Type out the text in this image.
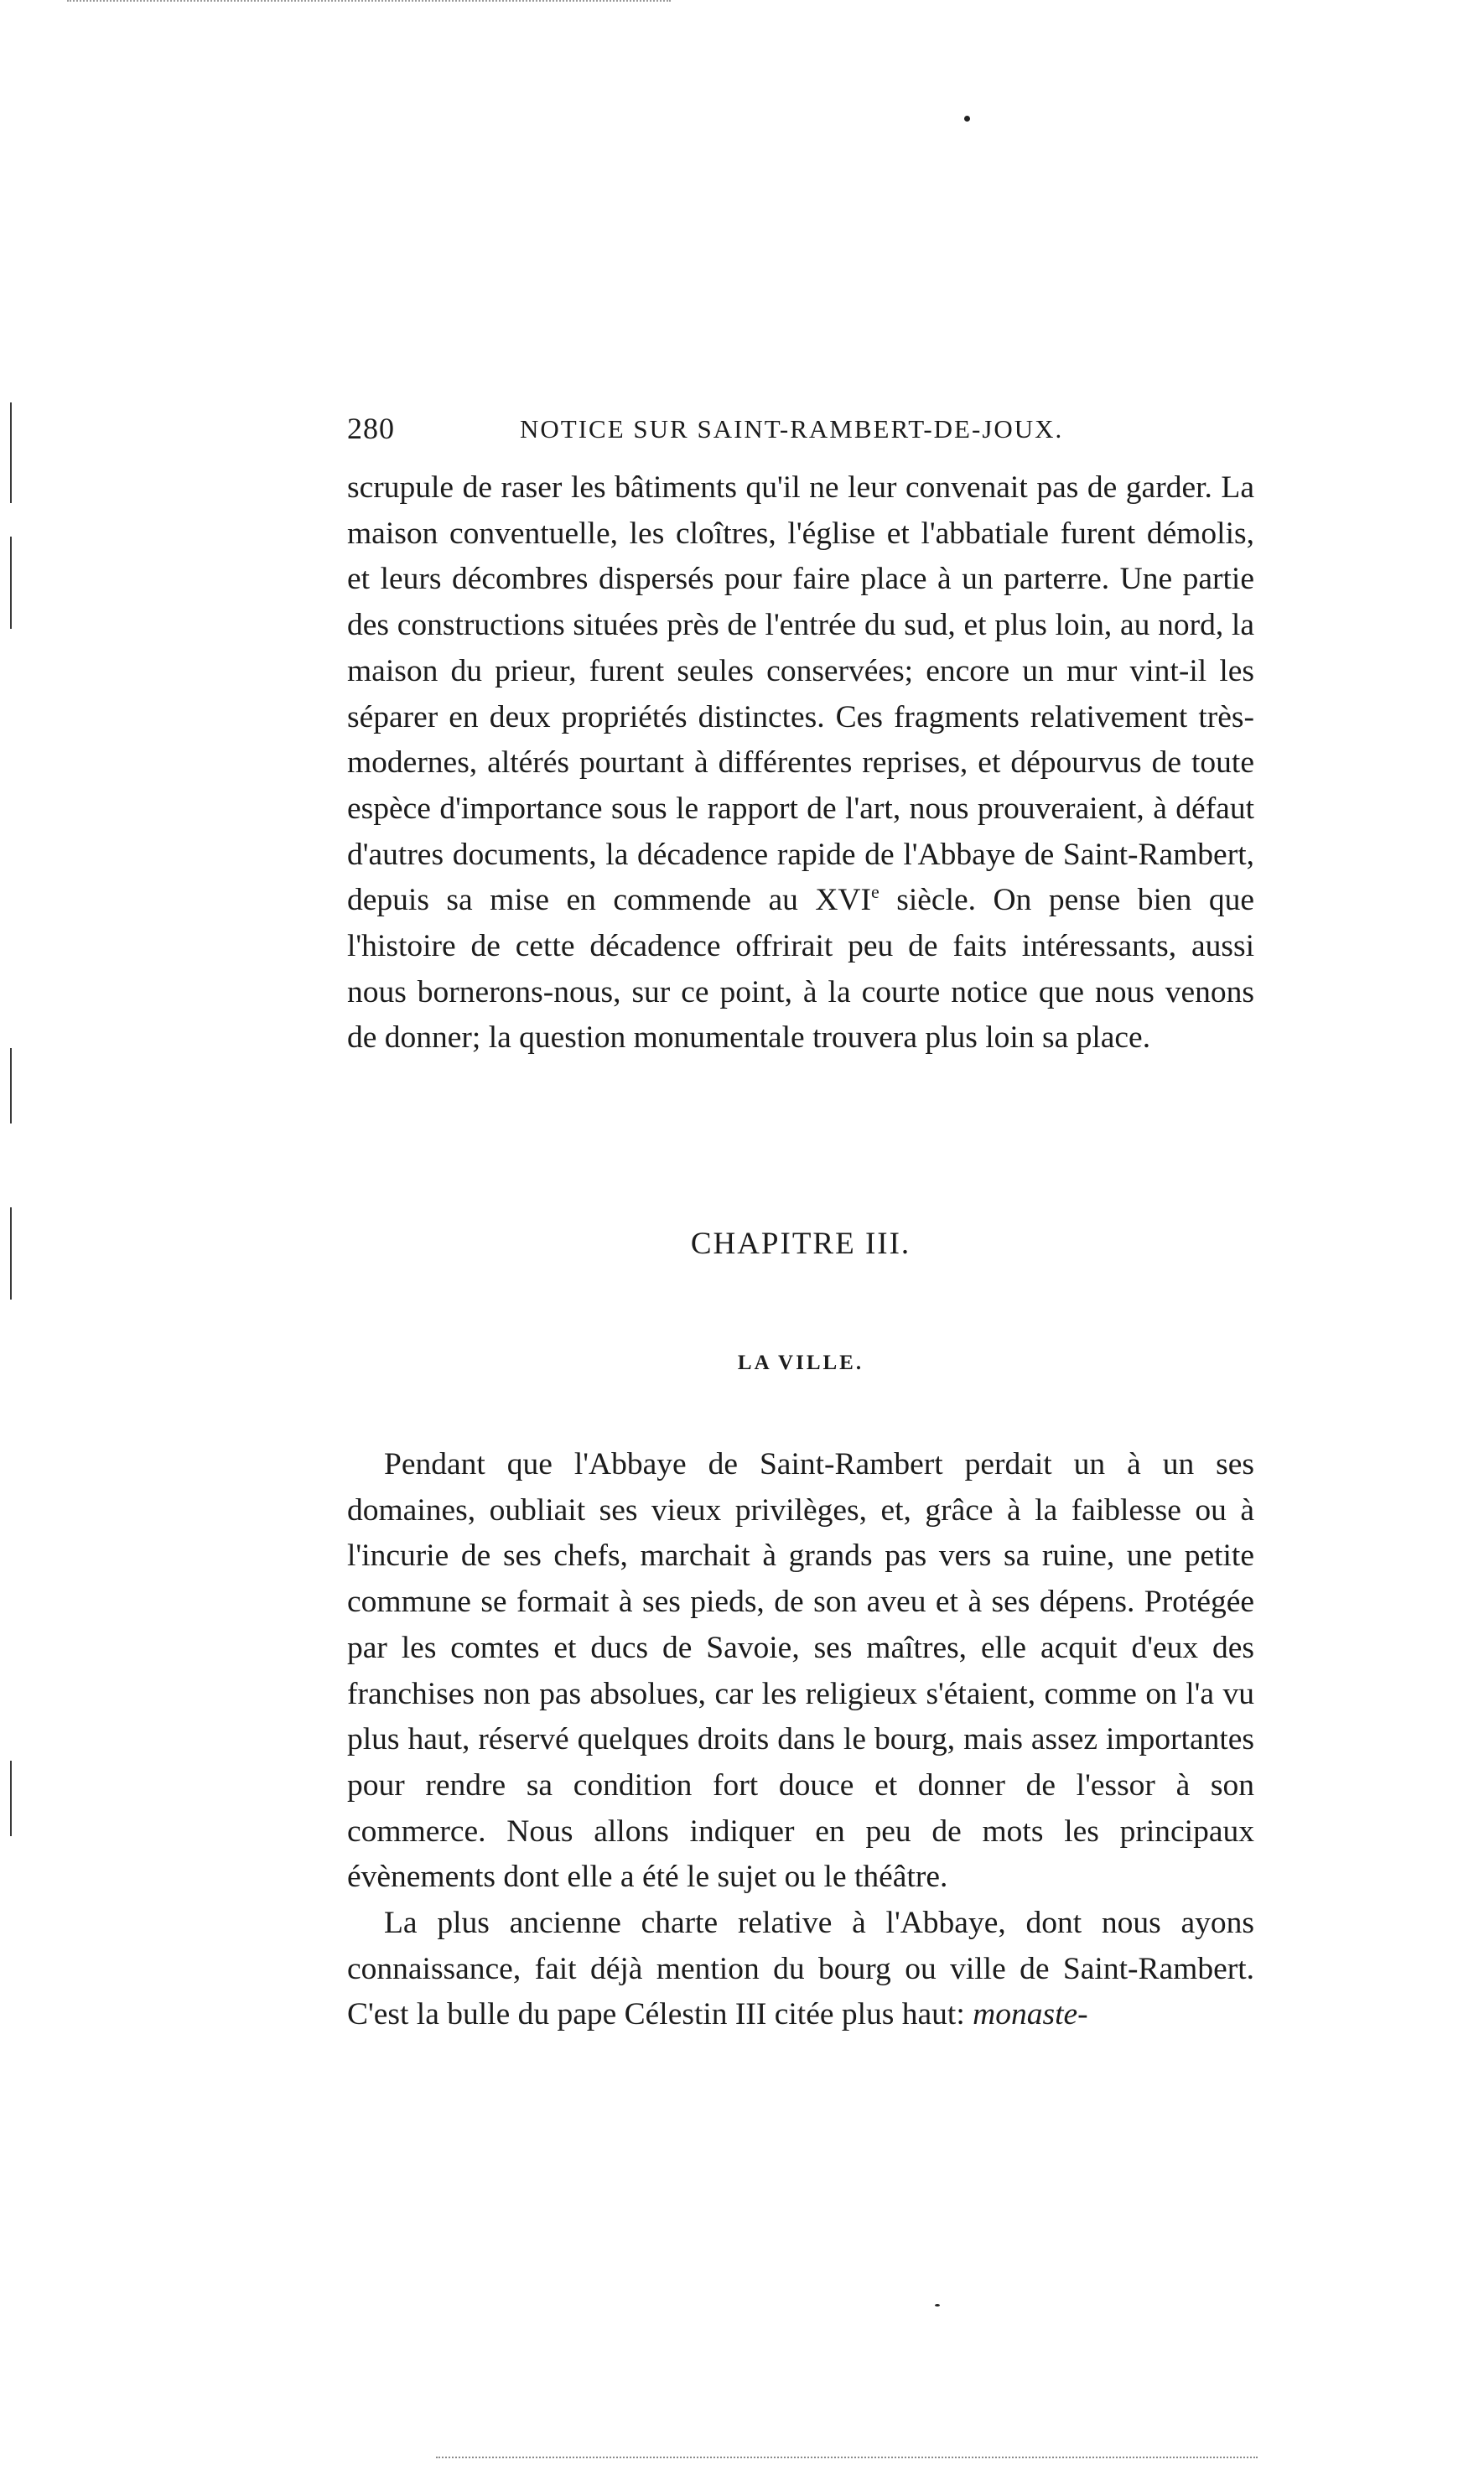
280	NOTICE SUR SAINT-RAMBERT-DE-JOUX.

scrupule de raser les bâtiments qu'il ne leur convenait pas de garder. La maison conventuelle, les cloîtres, l'église et l'abbatiale furent démolis, et leurs décombres dispersés pour faire place à un parterre. Une partie des constructions situées près de l'entrée du sud, et plus loin, au nord, la maison du prieur, furent seules conservées; encore un mur vint-il les séparer en deux propriétés distinctes. Ces fragments relativement très-modernes, altérés pourtant à différentes reprises, et dépourvus de toute espèce d'importance sous le rapport de l'art, nous prouveraient, à défaut d'autres documents, la décadence rapide de l'Abbaye de Saint-Rambert, depuis sa mise en commende au XVIe siècle. On pense bien que l'histoire de cette décadence offrirait peu de faits intéressants, aussi nous bornerons-nous, sur ce point, à la courte notice que nous venons de donner; la question monumentale trouvera plus loin sa place.

CHAPITRE III.
LA VILLE.

Pendant que l'Abbaye de Saint-Rambert perdait un à un ses domaines, oubliait ses vieux privilèges, et, grâce à la faiblesse ou à l'incurie de ses chefs, marchait à grands pas vers sa ruine, une petite commune se formait à ses pieds, de son aveu et à ses dépens. Protégée par les comtes et ducs de Savoie, ses maîtres, elle acquit d'eux des franchises non pas absolues, car les religieux s'étaient, comme on l'a vu plus haut, réservé quelques droits dans le bourg, mais assez importantes pour rendre sa condition fort douce et donner de l'essor à son commerce. Nous allons indiquer en peu de mots les principaux évènements dont elle a été le sujet ou le théâtre.

La plus ancienne charte relative à l'Abbaye, dont nous ayons connaissance, fait déjà mention du bourg ou ville de Saint-Rambert. C'est la bulle du pape Célestin III citée plus haut: monaste-
